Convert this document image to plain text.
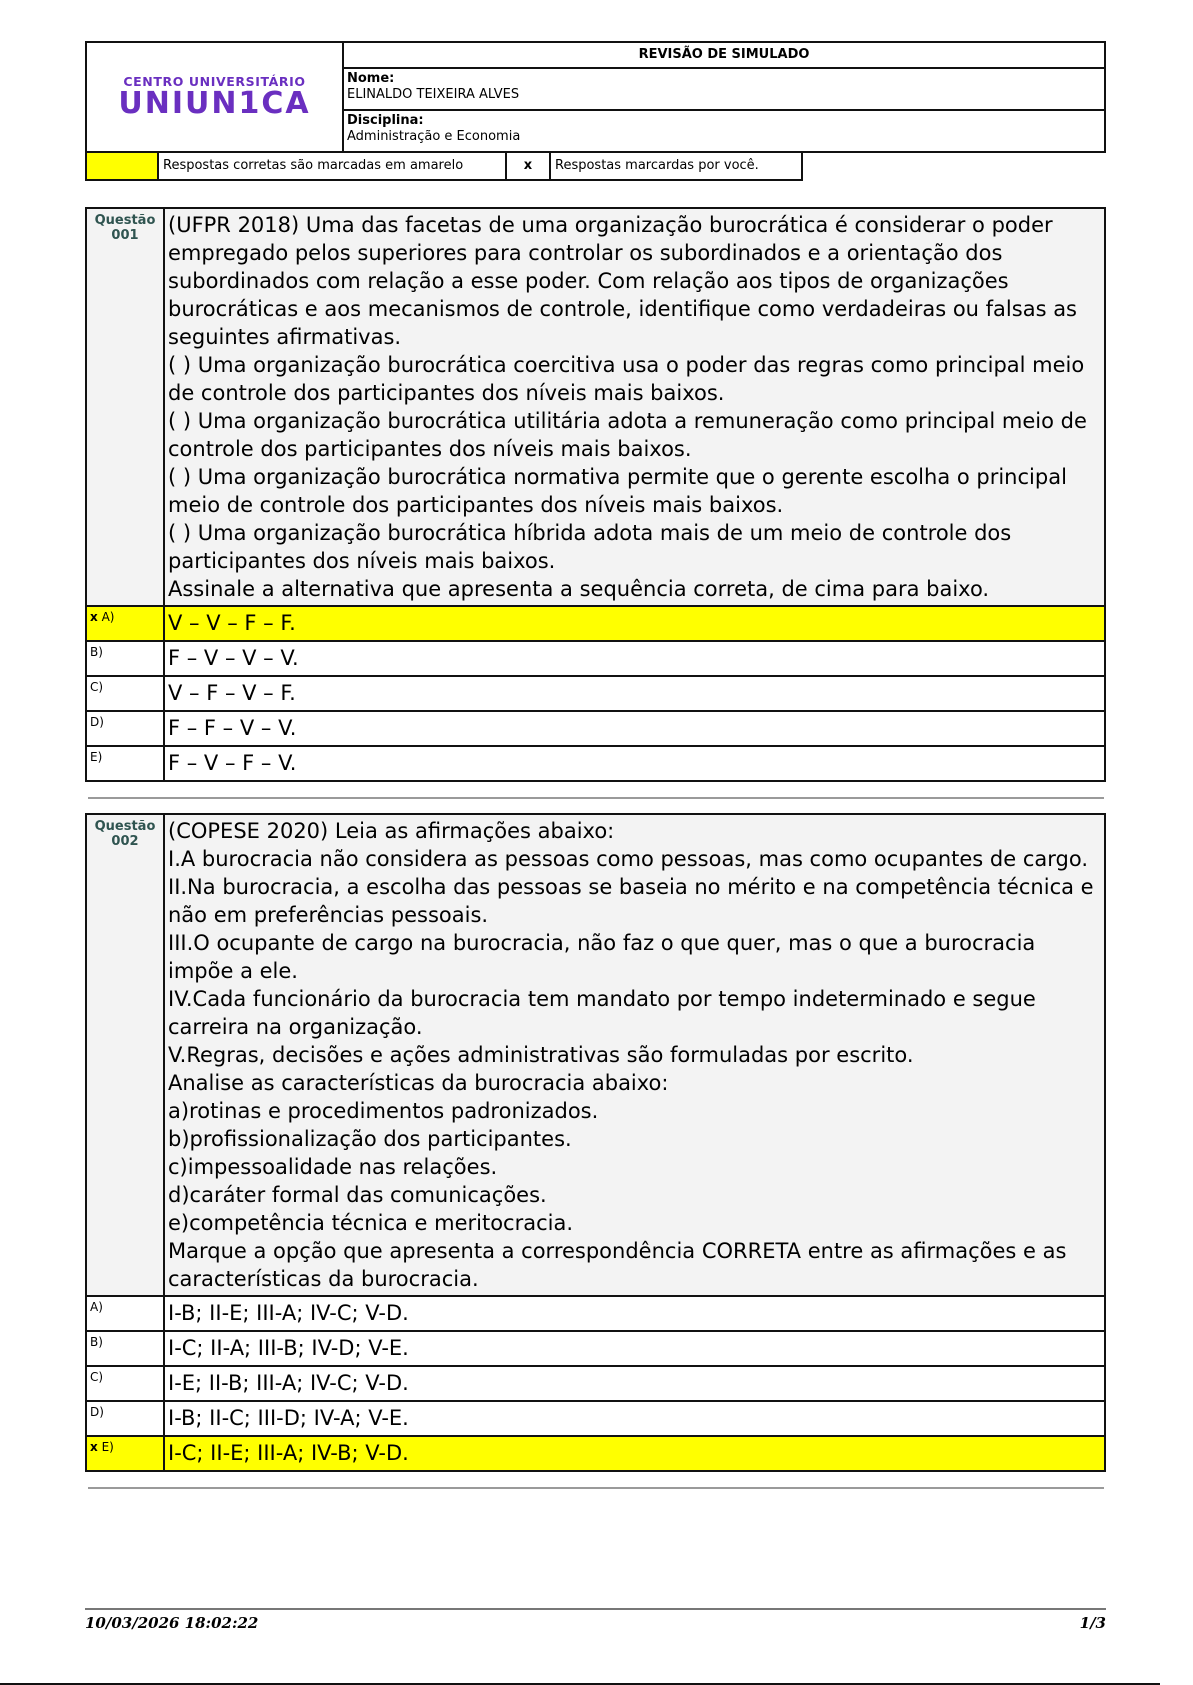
CENTRO UNIVERSITÁRIO
UNIUN1CA
REVISÃO DE SIMULADO
Nome:
ELINALDO TEIXEIRA ALVES
Disciplina:
Administração e Economia
Respostas corretas são marcadas em amarelo	x	Respostas marcardas por você.
Questão
001	(UFPR 2018) Uma das facetas de uma organização burocrática é considerar o poder empregado pelos superiores para controlar os subordinados e a orientação dos subordinados com relação a esse poder. Com relação aos tipos de organizações burocráticas e aos mecanismos de controle, identifique como verdadeiras ou falsas as seguintes afirmativas.

( ) Uma organização burocrática coercitiva usa o poder das regras como principal meio de controle dos participantes dos níveis mais baixos.

( ) Uma organização burocrática utilitária adota a remuneração como principal meio de controle dos participantes dos níveis mais baixos.

( ) Uma organização burocrática normativa permite que o gerente escolha o principal meio de controle dos participantes dos níveis mais baixos.

( ) Uma organização burocrática híbrida adota mais de um meio de controle dos participantes dos níveis mais baixos.

Assinale a alternativa que apresenta a sequência correta, de cima para baixo.

x A)	V – V – F – F.
B)	F – V – V – V.
C)	V – F – V – F.
D)	F – F – V – V.
E)	F – V – F – V.
Questão
002	(COPESE 2020) Leia as afirmações abaixo:

I.A burocracia não considera as pessoas como pessoas, mas como ocupantes de cargo.

II.Na burocracia, a escolha das pessoas se baseia no mérito e na competência técnica e não em preferências pessoais.

III.O ocupante de cargo na burocracia, não faz o que quer, mas o que a burocracia impõe a ele.

IV.Cada funcionário da burocracia tem mandato por tempo indeterminado e segue carreira na organização.

V.Regras, decisões e ações administrativas são formuladas por escrito.

Analise as características da burocracia abaixo:

a)rotinas e procedimentos padronizados.

b)profissionalização dos participantes.

c)impessoalidade nas relações.

d)caráter formal das comunicações.

e)competência técnica e meritocracia.

Marque a opção que apresenta a correspondência CORRETA entre as afirmações e as características da burocracia.

A)	I-B; II-E; III-A; IV-C; V-D.
B)	I-C; II-A; III-B; IV-D; V-E.
C)	I-E; II-B; III-A; IV-C; V-D.
D)	I-B; II-C; III-D; IV-A; V-E.
x E)	I-C; II-E; III-A; IV-B; V-D.
10/03/2026 18:02:22	1/3
